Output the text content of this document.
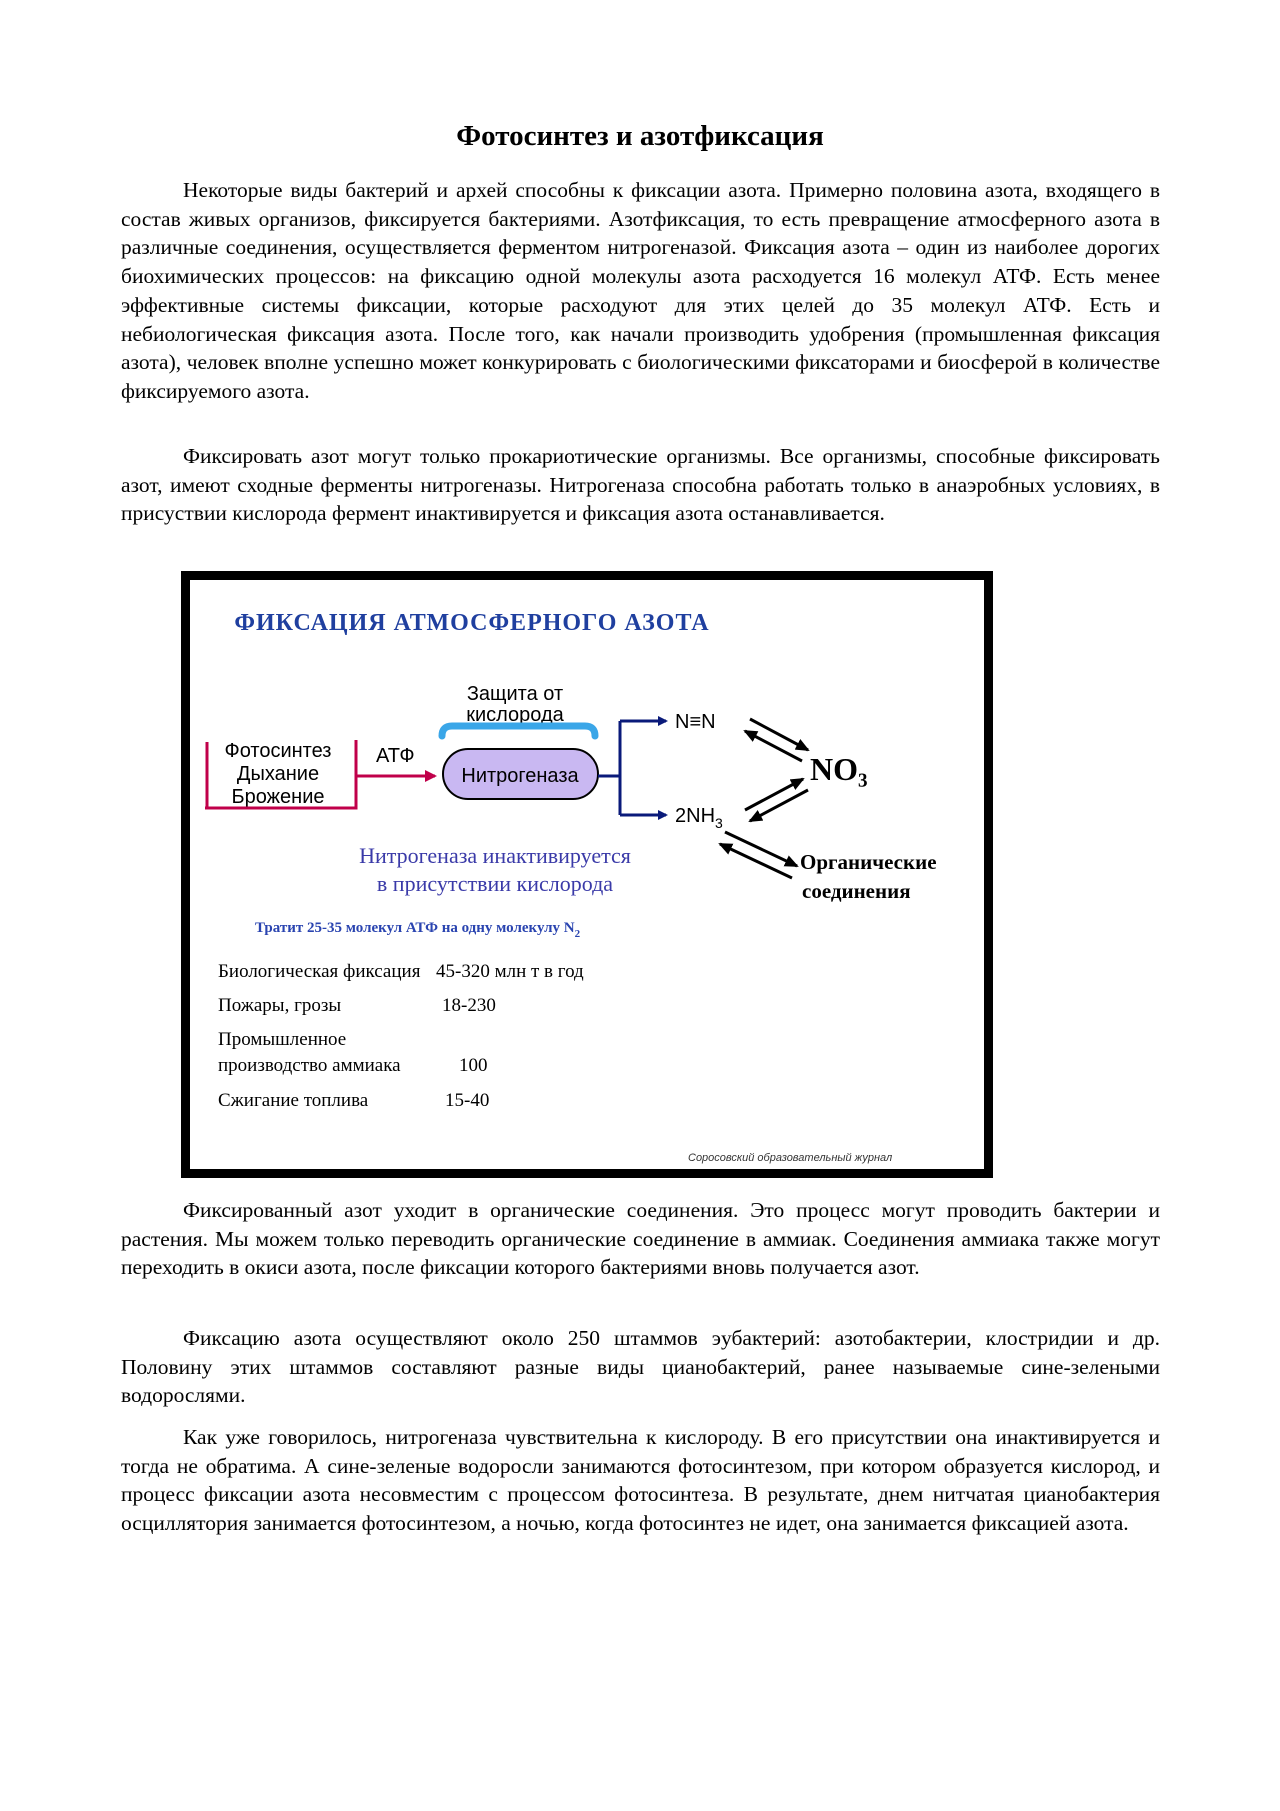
Фотосинтез и азотфиксация

Некоторые виды бактерий и архей способны к фиксации азота. Примерно половина азота, входящего в состав живых организов, фиксируется бактериями. Азотфиксация, то есть превращение атмосферного азота в различные соединения, осуществляется ферментом нитрогеназой. Фиксация азота – один из наиболее дорогих биохимических процессов: на фиксацию одной молекулы азота расходуется 16 молекул АТФ. Есть менее эффективные системы фиксации, которые расходуют для этих целей до 35 молекул АТФ. Есть и небиологическая фиксация азота. После того, как начали производить удобрения (промышленная фиксация азота), человек вполне успешно может конкурировать с биологическими фиксаторами и биосферой в количестве фиксируемого азота.

Фиксировать азот могут только прокариотические организмы. Все организмы, способные фиксировать азот, имеют сходные ферменты нитрогеназы. Нитрогеназа способна работать только в анаэробных условиях, в присуствии кислорода фермент инактивируется и фиксация азота останавливается.

ФИКСАЦИЯ АТМОСФЕРНОГО АЗОТА
Защита от
кислорода
Фотосинтез
Дыхание
Брожение
АТФ
Нитрогеназа
N≡N
$2NH_3$
NO₃
Органические
соединения
Нитрогеназа инактивируется
в присутствии кислорода
Тратит 25-35 молекул АТФ на одну молекулу $N_2$
Биологическая фиксация 45-320 млн т в год
Пожары, грозы	18-230
Промышленное
производство аммиака	100
Сжигание топлива	15-40
Соросовский образовательный журнал

Фиксированный азот уходит в органические соединения. Это процесс могут проводить бактерии и растения. Мы можем только переводить органические соединение в аммиак. Соединения аммиака также могут переходить в окиси азота, после фиксации которого бактериями вновь получается азот.

Фиксацию азота осуществляют около 250 штаммов эубактерий: азотобактерии, клостридии и др. Половину этих штаммов составляют разные виды цианобактерий, ранее называемые сине-зелеными водорослями.

Как уже говорилось, нитрогеназа чувствительна к кислороду. В его присутствии она инактивируется и тогда не обратима. А сине-зеленые водоросли занимаются фотосинтезом, при котором образуется кислород, и процесс фиксации азота несовместим с процессом фотосинтеза. В результате, днем нитчатая цианобактерия осциллятория занимается фотосинтезом, а ночью, когда фотосинтез не идет, она занимается фиксацией азота.
